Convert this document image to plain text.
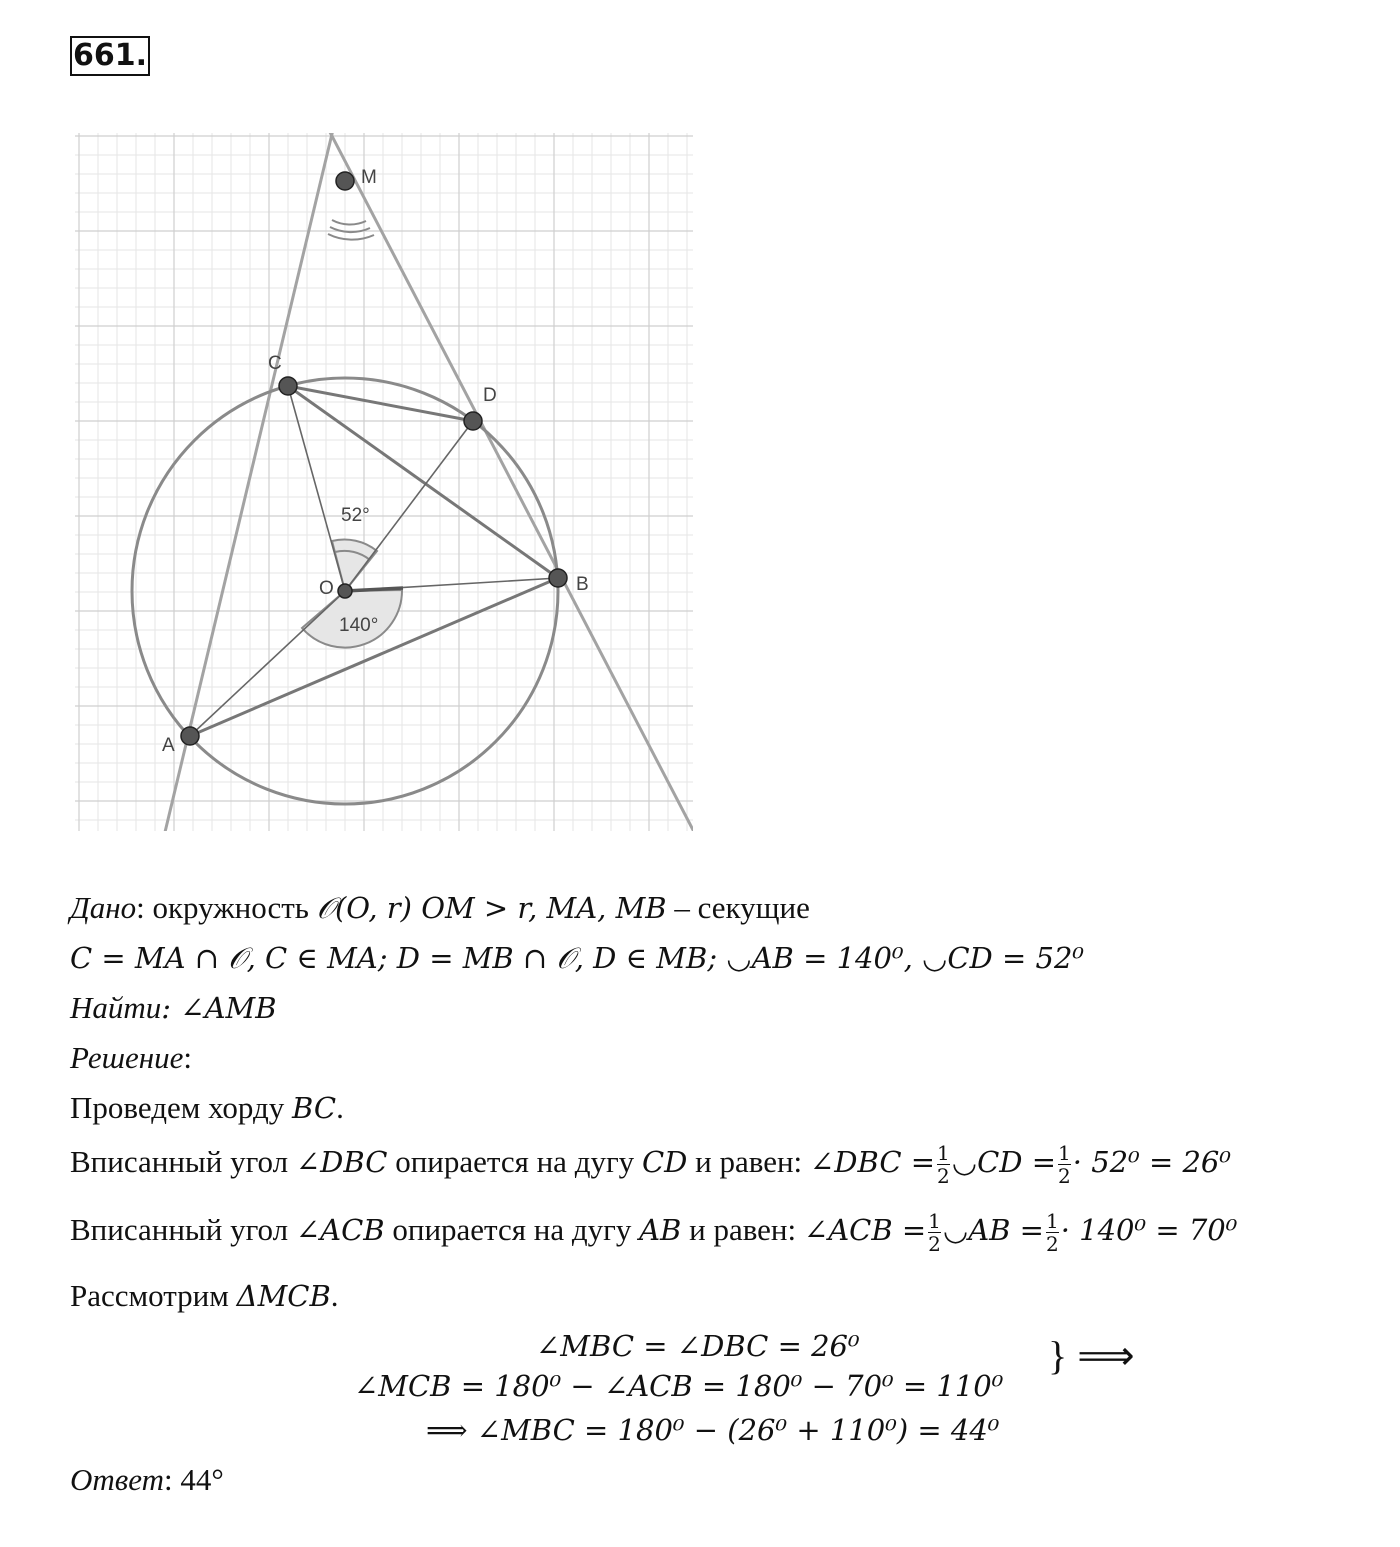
661.
M
C
D
B
A
O
52°
140°
Дано: окружность 𝒪(O, r) OM > r, MA, MB – секущие
C = MA ∩ 𝒪, C ∈ MA; D = MB ∩ 𝒪, D ∈ MB; ◡AB = 140⁰, ◡CD = 52⁰
Найти: ∠AMB
Решение:
Проведем хорду BC.
Вписанный угол ∠DBC опирается на дугу CD и равен: ∠DBC = $\frac{1}{2}$ ◡CD = $\frac{1}{2} \cdot 52^0 = 26^0$
Вписанный угол ∠ACB опирается на дугу AB и равен: ∠ACB = $\frac{1}{2}$ ◡AB = $\frac{1}{2} \cdot 140^0 = 70^0$
Рассмотрим ΔMCB.
∠MBC = ∠DBC = 26⁰
∠MCB = 180⁰ − ∠ACB = 180⁰ − 70⁰ = 110⁰
} ⟹
⟹ ∠MBC = 180⁰ − (26⁰ + 110⁰) = 44⁰
Ответ: 44°
